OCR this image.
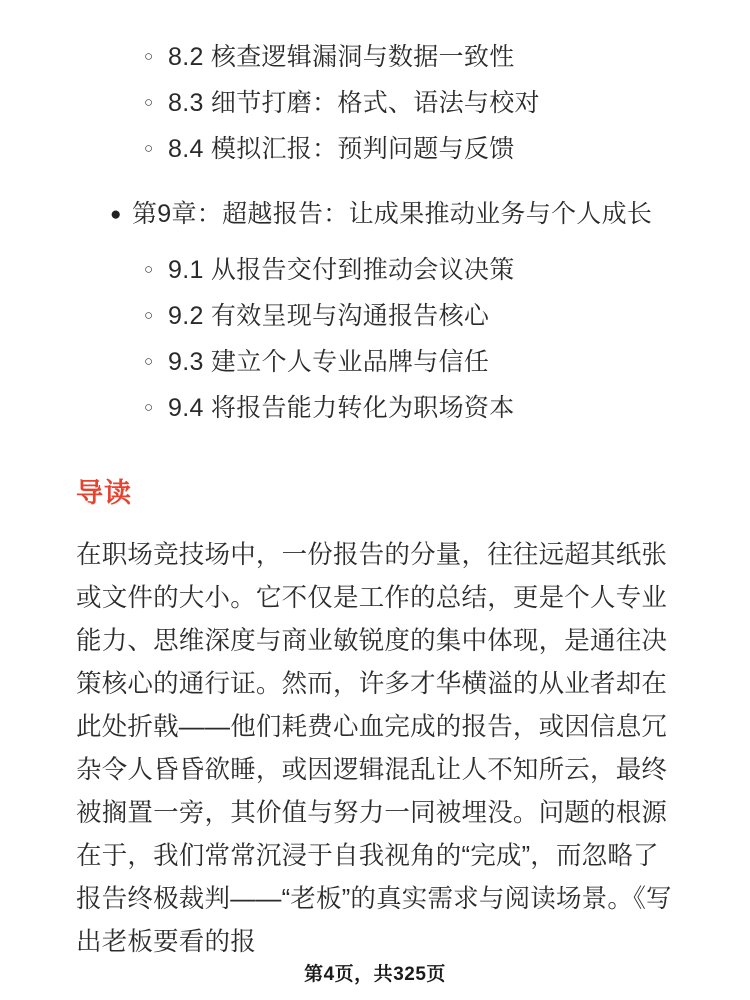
○ 8.2 核查逻辑漏洞与数据一致性
○ 8.3 细节打磨：格式、语法与校对
○ 8.4 模拟汇报：预判问题与反馈
● 第9章：超越报告：让成果推动业务与个人成长
○ 9.1 从报告交付到推动会议决策
○ 9.2 有效呈现与沟通报告核心
○ 9.3 建立个人专业品牌与信任
○ 9.4 将报告能力转化为职场资本
导读

在职场竞技场中，一份报告的分量，往往远超其纸张或文件的大小。它不仅是工作的总结，更是个人专业能力、思维深度与商业敏锐度的集中体现，是通往决策核心的通行证。然而，许多才华横溢的从业者却在此处折戟——他们耗费心血完成的报告，或因信息冗杂令人昏昏欲睡，或因逻辑混乱让人不知所云，最终被搁置一旁，其价值与努力一同被埋没。问题的根源在于，我们常常沉浸于自我视角的“完成”，而忽略了报告终极裁判——“老板”的真实需求与阅读场景。《写出老板要看的报

第4页，共325页
